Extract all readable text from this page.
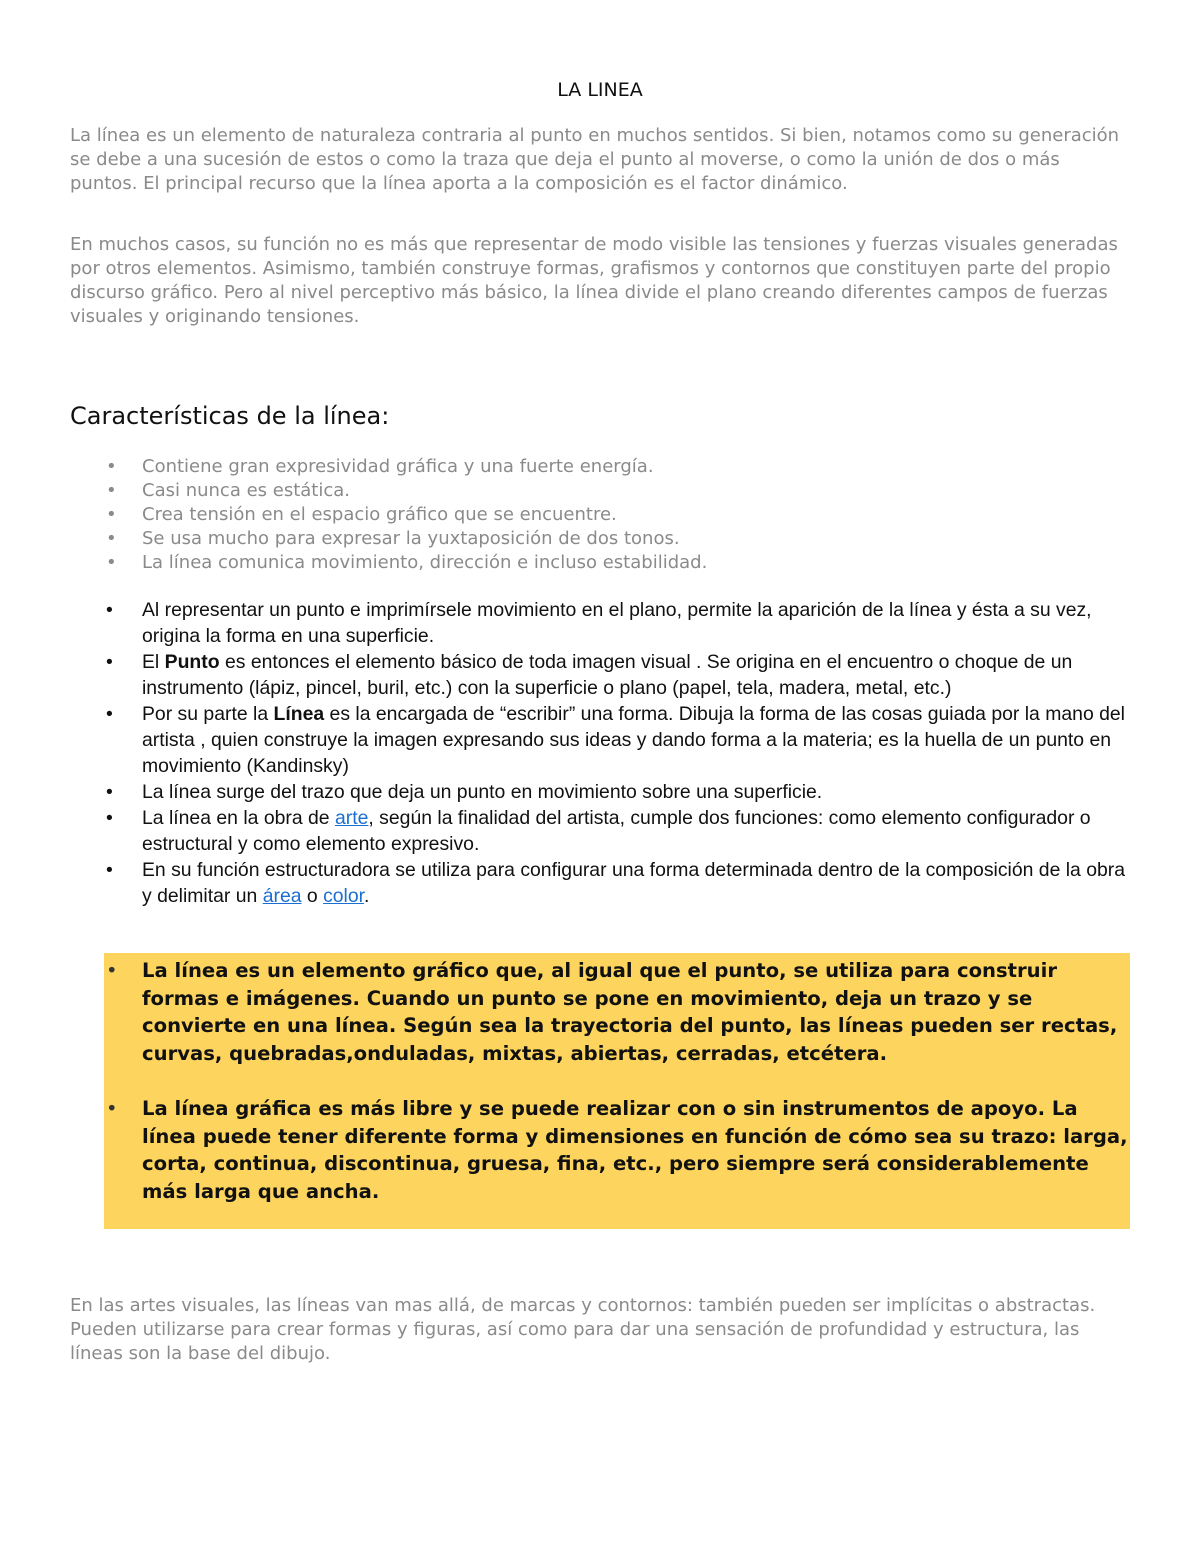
LA LINEA

La línea es un elemento de naturaleza contraria al punto en muchos sentidos. Si bien, notamos como su generación se debe a una sucesión de estos o como la traza que deja el punto al moverse, o como la unión de dos o más puntos. El principal recurso que la línea aporta a la composición es el factor dinámico.

En muchos casos, su función no es más que representar de modo visible las tensiones y fuerzas visuales generadas por otros elementos. Asimismo, también construye formas, grafismos y contornos que constituyen parte del propio discurso gráfico. Pero al nivel perceptivo más básico, la línea divide el plano creando diferentes campos de fuerzas visuales y originando tensiones.

Características de la línea:
• Contiene gran expresividad gráfica y una fuerte energía.
• Casi nunca es estática.
• Crea tensión en el espacio gráfico que se encuentre.
• Se usa mucho para expresar la yuxtaposición de dos tonos.
• La línea comunica movimiento, dirección e incluso estabilidad.
• Al representar un punto e imprimírsele movimiento en el plano, permite la aparición de la línea y ésta a su vez, origina la forma en una superficie.
• El Punto es entonces el elemento básico de toda imagen visual . Se origina en el encuentro o choque de un instrumento (lápiz, pincel, buril, etc.) con la superficie o plano (papel, tela, madera, metal, etc.)
• Por su parte la Línea es la encargada de “escribir” una forma. Dibuja la forma de las cosas guiada por la mano del artista , quien construye la imagen expresando sus ideas y dando forma a la materia; es la huella de un punto en movimiento (Kandinsky)
• La línea surge del trazo que deja un punto en movimiento sobre una superficie.
• La línea en la obra de arte, según la finalidad del artista, cumple dos funciones: como elemento configurador o estructural y como elemento expresivo.
• En su función estructuradora se utiliza para configurar una forma determinada dentro de la composición de la obra y delimitar un área o color.
• La línea es un elemento gráfico que, al igual que el punto, se utiliza para construir formas e imágenes. Cuando un punto se pone en movimiento, deja un trazo y se convierte en una línea. Según sea la trayectoria del punto, las líneas pueden ser rectas, curvas, quebradas,onduladas, mixtas, abiertas, cerradas, etcétera.
• La línea gráfica es más libre y se puede realizar con o sin instrumentos de apoyo. La línea puede tener diferente forma y dimensiones en función de cómo sea su trazo: larga, corta, continua, discontinua, gruesa, fina, etc., pero siempre será considerablemente más larga que ancha.

En las artes visuales, las líneas van mas allá, de marcas y contornos: también pueden ser implícitas o abstractas. Pueden utilizarse para crear formas y figuras, así como para dar una sensación de profundidad y estructura, las líneas son la base del dibujo.
